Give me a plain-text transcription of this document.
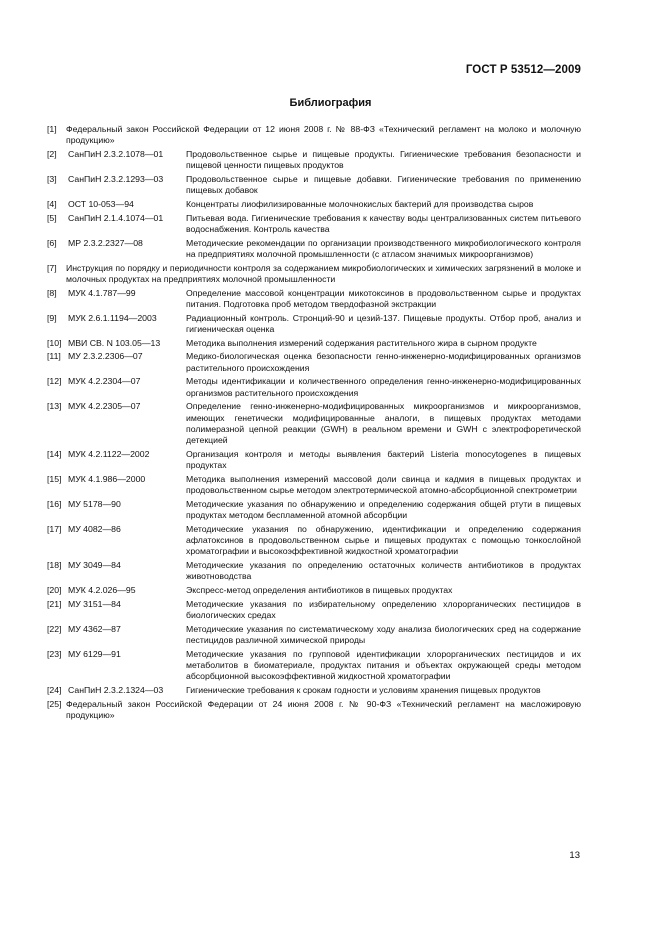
ГОСТ Р 53512—2009
Библиография
[1]	Федеральный закон Российской Федерации от 12 июня 2008 г. № 88-ФЗ «Технический регламент на молоко и молочную продукцию»
[2]	СанПиН 2.3.2.1078—01	Продовольственное сырье и пищевые продукты. Гигиенические требования безопасности и пищевой ценности пищевых продуктов
[3]	СанПиН 2.3.2.1293—03	Продовольственное сырье и пищевые добавки. Гигиенические требования по применению пищевых добавок
[4]	ОСТ 10-053—94	Концентраты лиофилизированные молочнокислых бактерий для производства сыров
[5]	СанПиН 2.1.4.1074—01	Питьевая вода. Гигиенические требования к качеству воды централизованных систем питьевого водоснабжения. Контроль качества
[6]	МР 2.3.2.2327—08	Методические рекомендации по организации производственного микробиологического контроля на предприятиях молочной промышленности (с атласом значимых микроорганизмов)
[7]	Инструкция по порядку и периодичности контроля за содержанием микробиологических и химических загрязнений в молоке и молочных продуктах на предприятиях молочной промышленности
[8]	МУК 4.1.787—99	Определение массовой концентрации микотоксинов в продовольственном сырье и продуктах питания. Подготовка проб методом твердофазной экстракции
[9]	МУК 2.6.1.1194—2003	Радиационный контроль. Стронций-90 и цезий-137. Пищевые продукты. Отбор проб, анализ и гигиеническая оценка
[10] МВИ СВ. N 103.05—13	Методика выполнения измерений содержания растительного жира в сырном продукте
[11] МУ 2.3.2.2306—07	Медико-биологическая оценка безопасности генно-инженерно-модифицированных организмов растительного происхождения
[12] МУК 4.2.2304—07	Методы идентификации и количественного определения генно-инженерно-модифицированных организмов растительного происхождения
[13] МУК 4.2.2305—07	Определение генно-инженерно-модифицированных микроорганизмов и микроорганизмов, имеющих генетически модифицированные аналоги, в пищевых продуктах методами полимеразной цепной реакции (GWH) в реальном времени и GWH с электрофоретической детекцией
[14] МУК 4.2.1122—2002	Организация контроля и методы выявления бактерий Listeria monocytogenes в пищевых продуктах
[15] МУК 4.1.986—2000	Методика выполнения измерений массовой доли свинца и кадмия в пищевых продуктах и продовольственном сырье методом электротермической атомно-абсорбционной спектрометрии
[16] МУ 5178—90	Методические указания по обнаружению и определению содержания общей ртути в пищевых продуктах методом беспламенной атомной абсорбции
[17] МУ 4082—86	Методические указания по обнаружению, идентификации и определению содержания афлатоксинов в продовольственном сырье и пищевых продуктах с помощью тонкослойной хроматографии и высокоэффективной жидкостной хроматографии
[18] МУ 3049—84	Методические указания по определению остаточных количеств антибиотиков в продуктах животноводства
[20] МУК 4.2.026—95	Экспресс-метод определения антибиотиков в пищевых продуктах
[21] МУ 3151—84	Методические указания по избирательному определению хлорорганических пестицидов в биологических средах
[22] МУ 4362—87	Методические указания по систематическому ходу анализа биологических сред на содержание пестицидов различной химической природы
[23] МУ 6129—91	Методические указания по групповой идентификации хлорорганических пестицидов и их метаболитов в биоматериале, продуктах питания и объектах окружающей среды методом абсорбционной высокоэффективной жидкостной хроматографии
[24] СанПиН 2.3.2.1324—03	Гигиенические требования к срокам годности и условиям хранения пищевых продуктов
[25] Федеральный закон Российской Федерации от 24 июня 2008 г. № 90-ФЗ «Технический регламент на масложировую продукцию»
13
